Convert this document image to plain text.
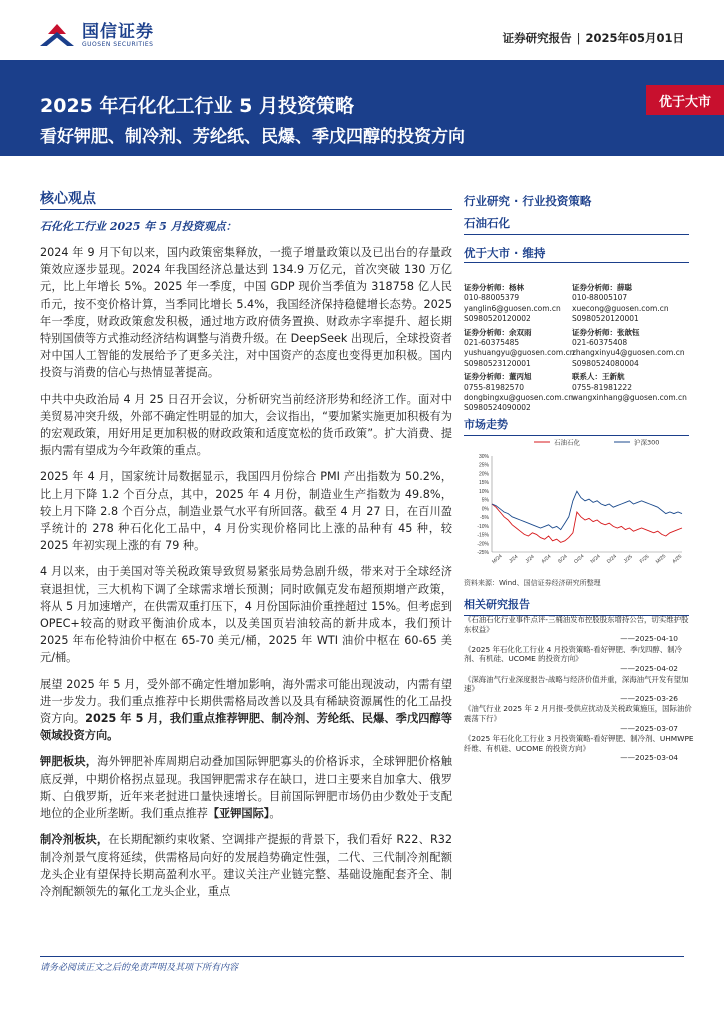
国信证券
GUOSEN SECURITIES	证券研究报告 | 2025年05月01日
2025 年石化化工行业 5 月投资策略
看好钾肥、制冷剂、芳纶纸、民爆、季戊四醇的投资方向
优于大市
核心观点
石化化工行业 2025 年 5 月投资观点：

2024 年 9 月下旬以来，国内政策密集释放，一揽子增量政策以及已出台的存量政策效应逐步显现。2024 年我国经济总量达到 134.9 万亿元，首次突破 130 万亿元，比上年增长 5%。2025 年一季度，中国 GDP 现价当季值为 318758 亿人民币元，按不变价格计算，当季同比增长 5.4%，我国经济保持稳健增长态势。2025 年一季度，财政政策愈发积极，通过地方政府债务置换、财政赤字率提升、超长期特别国债等方式推动经济结构调整与消费升级。在 DeepSeek 出现后，全球投资者对中国人工智能的发展给予了更多关注，对中国资产的态度也变得更加积极。国内投资与消费的信心与热情显著提高。

中共中央政治局 4 月 25 日召开会议，分析研究当前经济形势和经济工作。面对中美贸易冲突升级，外部不确定性明显的加大，会议指出，“要加紧实施更加积极有为的宏观政策，用好用足更加积极的财政政策和适度宽松的货币政策”。扩大消费、提振内需有望成为今年政策的重点。

2025 年 4 月，国家统计局数据显示，我国四月份综合 PMI 产出指数为 50.2%，比上月下降 1.2 个百分点，其中，2025 年 4 月份，制造业生产指数为 49.8%，较上月下降 2.8 个百分点，制造业景气水平有所回落。截至 4 月 27 日，在百川盈孚统计的 278 种石化化工品中，4 月份实现价格同比上涨的品种有 45 种，较 2025 年初实现上涨的有 79 种。

4 月以来，由于美国对等关税政策导致贸易紧张局势急剧升级，带来对于全球经济衰退担忧，三大机构下调了全球需求增长预测；同时欧佩克发布超预期增产政策，将从 5 月加速增产，在供需双重打压下，4 月份国际油价重挫超过 15%。但考虑到 OPEC+较高的财政平衡油价成本，以及美国页岩油较高的新井成本，我们预计 2025 年布伦特油价中枢在 65-70 美元/桶，2025 年 WTI 油价中枢在 60-65 美元/桶。

展望 2025 年 5 月，受外部不确定性增加影响，海外需求可能出现波动，内需有望进一步发力。我们重点推荐中长期供需格局改善以及具有稀缺资源属性的化工品投资方向。2025 年 5 月，我们重点推荐钾肥、制冷剂、芳纶纸、民爆、季戊四醇等领域投资方向。

钾肥板块，海外钾肥补库周期启动叠加国际钾肥寡头的价格诉求，全球钾肥价格触底反弹，中期价格拐点显现。我国钾肥需求存在缺口，进口主要来自加拿大、俄罗斯、白俄罗斯，近年来老挝进口量快速增长。目前国际钾肥市场仍由少数处于支配地位的企业所垄断。我们重点推荐【亚钾国际】。

制冷剂板块，在长期配额约束收紧、空调排产提振的背景下，我们看好 R22、R32 制冷剂景气度将延续，供需格局向好的发展趋势确定性强，二代、三代制冷剂配额龙头企业有望保持长期高盈利水平。建议关注产业链完整、基础设施配套齐全、制冷剂配额领先的氟化工龙头企业，重点

行业研究 · 行业投资策略
石油石化
优于大市 · 维持
证券分析师：杨林
010-88005379
yanglin6@guosen.com.cn
S0980520120002
证券分析师：薛聪
010-88005107
xuecong@guosen.com.cn
S0980520120001
证券分析师：余双雨
021-60375485
yushuangyu@guosen.com.cn
S0980523120001
证券分析师：张歆钰
021-60375408
zhangxinyu4@guosen.com.cn
S0980524080004
证券分析师：董丙旭
0755-81982570
dongbingxu@guosen.com.cn
S0980524090002
联系人：王新航
0755-81981222
wangxinhang@guosen.com.cn
市场走势
30%
25%
20%
15%
10%
5%
0%
-5%
-10%
-15%
-20%
-25%
M/24 J/24 J/24 A/24 S/24 O/24 N/24 D/24 J/25 F/25 M/25 A/25
石油石化	沪深300
资料来源：Wind、国信证券经济研究所整理
相关研究报告
《石油石化行业事件点评-三桶油发布控股股东增持公告，切实维护股东权益》
——2025-04-10
《2025 年石化化工行业 4 月投资策略-看好钾肥、季戊四醇、制冷剂、有机硅、UCOME 的投资方向》
——2025-04-02
《深海油气行业深度报告-战略与经济价值并重，深海油气开发有望加速》
——2025-03-26
《油气行业 2025 年 2 月月报-受供应扰动及关税政策施压，国际油价震荡下行》
——2025-03-07
《2025 年石化化工行业 3 月投资策略-看好钾肥、制冷剂、UHMWPE 纤维、有机硅、UCOME 的投资方向》
——2025-03-04
请务必阅读正文之后的免责声明及其项下所有内容
